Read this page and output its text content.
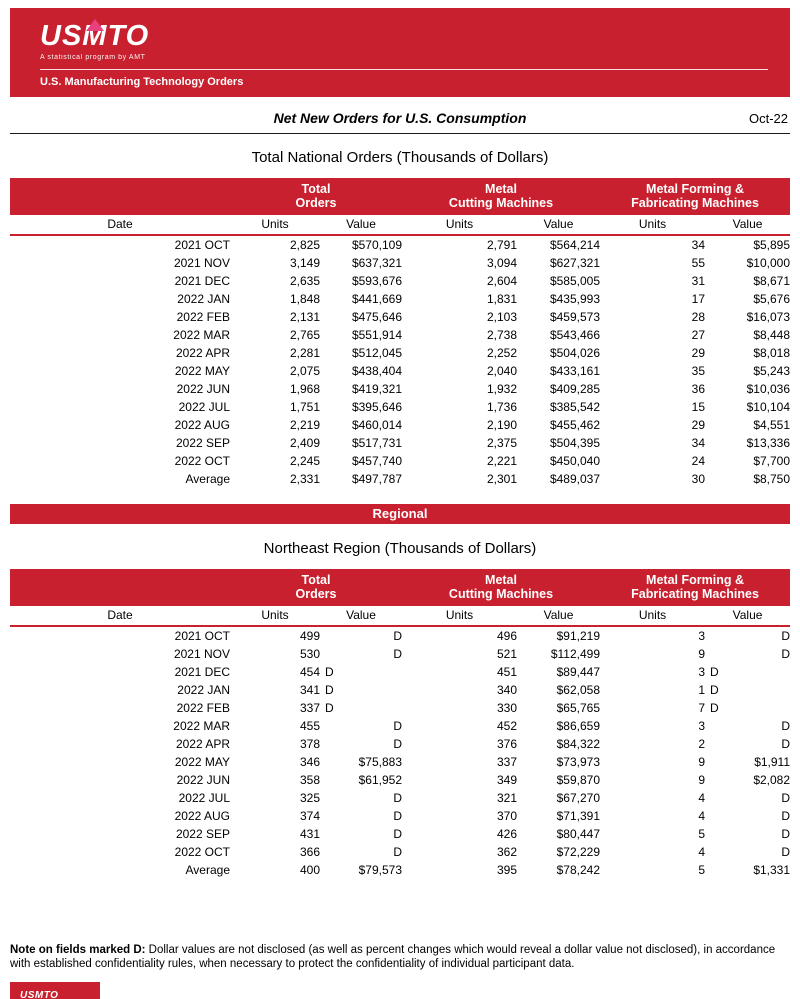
USMTO
A statistical program by AMT
U.S. Manufacturing Technology Orders
Net New Orders for U.S. Consumption	Oct-22
Total National Orders (Thousands of Dollars)

Total
Orders

Metal
Cutting Machines

Metal Forming &
Fabricating Machines

Date	Units	Value	Units	Value	Units	Value
2021 OCT	2,825	$570,109	2,791	$564,214	34	$5,895
2021 NOV	3,149	$637,321	3,094	$627,321	55	$10,000
2021 DEC	2,635	$593,676	2,604	$585,005	31	$8,671
2022 JAN	1,848	$441,669	1,831	$435,993	17	$5,676
2022 FEB	2,131	$475,646	2,103	$459,573	28	$16,073
2022 MAR	2,765	$551,914	2,738	$543,466	27	$8,448
2022 APR	2,281	$512,045	2,252	$504,026	29	$8,018
2022 MAY	2,075	$438,404	2,040	$433,161	35	$5,243
2022 JUN	1,968	$419,321	1,932	$409,285	36	$10,036
2022 JUL	1,751	$395,646	1,736	$385,542	15	$10,104
2022 AUG	2,219	$460,014	2,190	$455,462	29	$4,551
2022 SEP	2,409	$517,731	2,375	$504,395	34	$13,336
2022 OCT	2,245	$457,740	2,221	$450,040	24	$7,700
Average	2,331	$497,787	2,301	$489,037	30	$8,750
Regional
Northeast Region (Thousands of Dollars)

Total
Orders

Metal
Cutting Machines

Metal Forming &
Fabricating Machines

Date	Units	Value	Units	Value	Units	Value
2021 OCT	499	D	496	$91,219	3	D
2021 NOV	530	D	521	$112,499	9	D
2021 DEC	454	D	451	$89,447	3	D
2022 JAN	341	D	340	$62,058	1	D
2022 FEB	337	D	330	$65,765	7	D
2022 MAR	455	D	452	$86,659	3	D
2022 APR	378	D	376	$84,322	2	D
2022 MAY	346	$75,883	337	$73,973	9	$1,911
2022 JUN	358	$61,952	349	$59,870	9	$2,082
2022 JUL	325	D	321	$67,270	4	D
2022 AUG	374	D	370	$71,391	4	D
2022 SEP	431	D	426	$80,447	5	D
2022 OCT	366	D	362	$72,229	4	D
Average	400	$79,573	395	$78,242	5	$1,331

Note on fields marked D: Dollar values are not disclosed (as well as percent changes which would reveal a dollar value not disclosed), in accordance with established confidentiality rules, when necessary to protect the confidentiality of individual participant data.

USMTO
